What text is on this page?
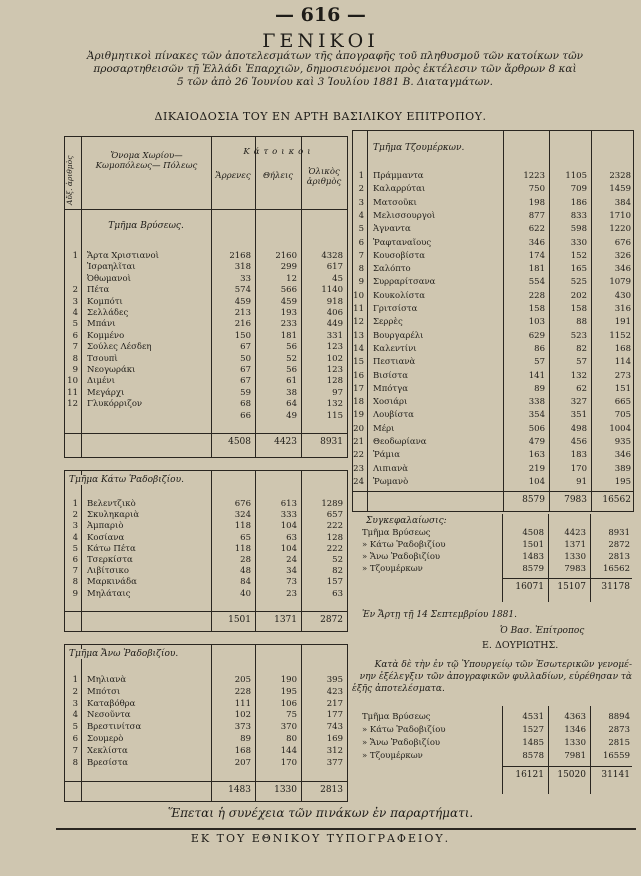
— 616 —
ΓΕΝΙΚΟΙ
Ἀριθμητικοὶ πίνακες τῶν ἀποτελεσμάτων τῆς ἀπογραφῆς τοῦ πληθυσμοῦ τῶν κατοίκων τῶν
προσαρτηθεισῶν τῇ Ἑλλάδι Ἐπαρχιῶν, δημοσιευόμενοι πρὸς ἐκτέλεσιν τῶν ἄρθρων 8 καὶ
5 τῶν ἀπὸ 26 Ἰουνίου καὶ 3 Ἰουλίου 1881 Β. Διαταγμάτων.
ΔΙΚΑΙΟΔΟΣΙΑ ΤΟΥ ΕΝ ΑΡΤΗ ΒΑΣΙΛΙΚΟΥ ΕΠΙΤΡΟΠΟΥ.
Αὔξ. ἀριθμὸς	Ὄνομα Χωρίου—Κωμοπόλεως— Πόλεως
Κάτοικοι
Ἄρρενες	Θήλεις	Ὁλικὸς ἀριθμὸς
Τμῆμα Βρύσεως.
1 Ἄρτα Χριστιανοὶ	2168	2160	4328
Ἰσραηλῖται	318	299	617
Ὀθωμανοὶ	33	12	45
2 Πέτα	574	566	1140
3 Κομπότι	459	459	918
4 Σελλάδες	213	193	406
5 Μπάνι	216	233	449
6 Κομμένο	150	181	331
7 Σούλες Λέσδεη	67	56	123
8 Τσουπὶ	50	52	102
9 Νεογωράκι	67	56	123
10 Διμένι	67	61	128
11 Μεγάρχι	59	38	97
12 Γλυκόρριζον	68	64	132
66	49	115
4508	4423	8931
Τμῆμα Κάτω Ῥαδοβιζίου.
1 Βελεντζικὸ	676	613	1289
2 Σκυληκαριὰ	324	333	657
3 Ἀμπαριὸ	118	104	222
4 Κοσίανα	65	63	128
5 Κάτω Πέτα	118	104	222
6 Τσερκίστα	28	24	52
7 Λιβίτσικο	48	34	82
8 Μαρκινάδα	84	73	157
9 Μηλάταις	40	23	63
1501	1371	2872
Τμῆμα Ἄνω Ῥαδοβιζίου.
1 Μηλιανὰ	205	190	395
2 Μπότσι	228	195	423
3 Καταβόθρα	111	106	217
4 Νεσοῦντα	102	75	177
5 Βρεστινίτσα	373	370	743
6 Σουμερὸ	89	80	169
7 Χεκλίστα	168	144	312
8 Βρεσίστα	207	170	377
1483	1330	2813
Τμῆμα Τζουμέρκων.
1 Πράμμαντα	1223	1105	2328
2 Καλαρρύται	750	709	1459
3 Ματσοῦκι	198	186	384
4 Μελισσουργοὶ	877	833	1710
5 Ἀγναντα	622	598	1220
6 Ῥαφταναῖους	346	330	676
7 Κουσοβίστα	174	152	326
8 Σαλόπτο	181	165	346
9 Συρραρίτσανα	554	525	1079
10 Κουκολίστα	228	202	430
11 Γριτσίστα	158	158	316
12 Σερρὲς	103	88	191
13 Βουργαρέλι	629	523	1152
14 Καλεντίνι	86	82	168
15 Πεστιανὰ	57	57	114
16 Βισίστα	141	132	273
17 Μπότγα	89	62	151
18 Χοσιάρι	338	327	665
19 Λουβίστα	354	351	705
20 Μέρι	506	498	1004
21 Θεοδωρίανα	479	456	935
22 Ῥάμια	163	183	346
23 Λιπιανὰ	219	170	389
24 Ῥωμανὸ	104	91	195
8579	7983	16562
Συγκεφαλαίωσις:
Τμῆμα Βρύσεως	4508	4423	8931
» Κάτω Ῥαδοβιζίου	1501	1371	2872
» Ἄνω Ῥαδοβιζίου	1483	1330	2813
» Τζουμέρκων	8579	7983	16562
16071	15107	31178
Ἐν Ἄρτῃ τῇ 14 Σεπτεμβρίου 1881.
Ὁ Βασ. Ἐπίτροπος
Ε. ΔΟΥΡΙΩΤΗΣ.
Κατὰ δὲ τὴν ἐν τῷ Ὑπουργείῳ τῶν Ἐσωτερικῶν γενομέ-
νην ἐξέλεγξιν τῶν ἀπογραφικῶν φυλλαδίων, εὑρέθησαν τὰ
ἑξῆς ἀποτελέσματα.
Τμῆμα Βρύσεως	4531	4363	8894
» Κάτω Ῥαδοβιζίου	1527	1346	2873
» Ἄνω Ῥαδοβιζίου	1485	1330	2815
» Τζουμέρκων	8578	7981	16559
16121	15020	31141
Ἕπεται ἡ συνέχεια τῶν πινάκων ἐν παραρτήματι.
ΕΚ ΤΟΥ ΕΘΝΙΚΟΥ ΤΥΠΟΓΡΑΦΕΙΟΥ.
